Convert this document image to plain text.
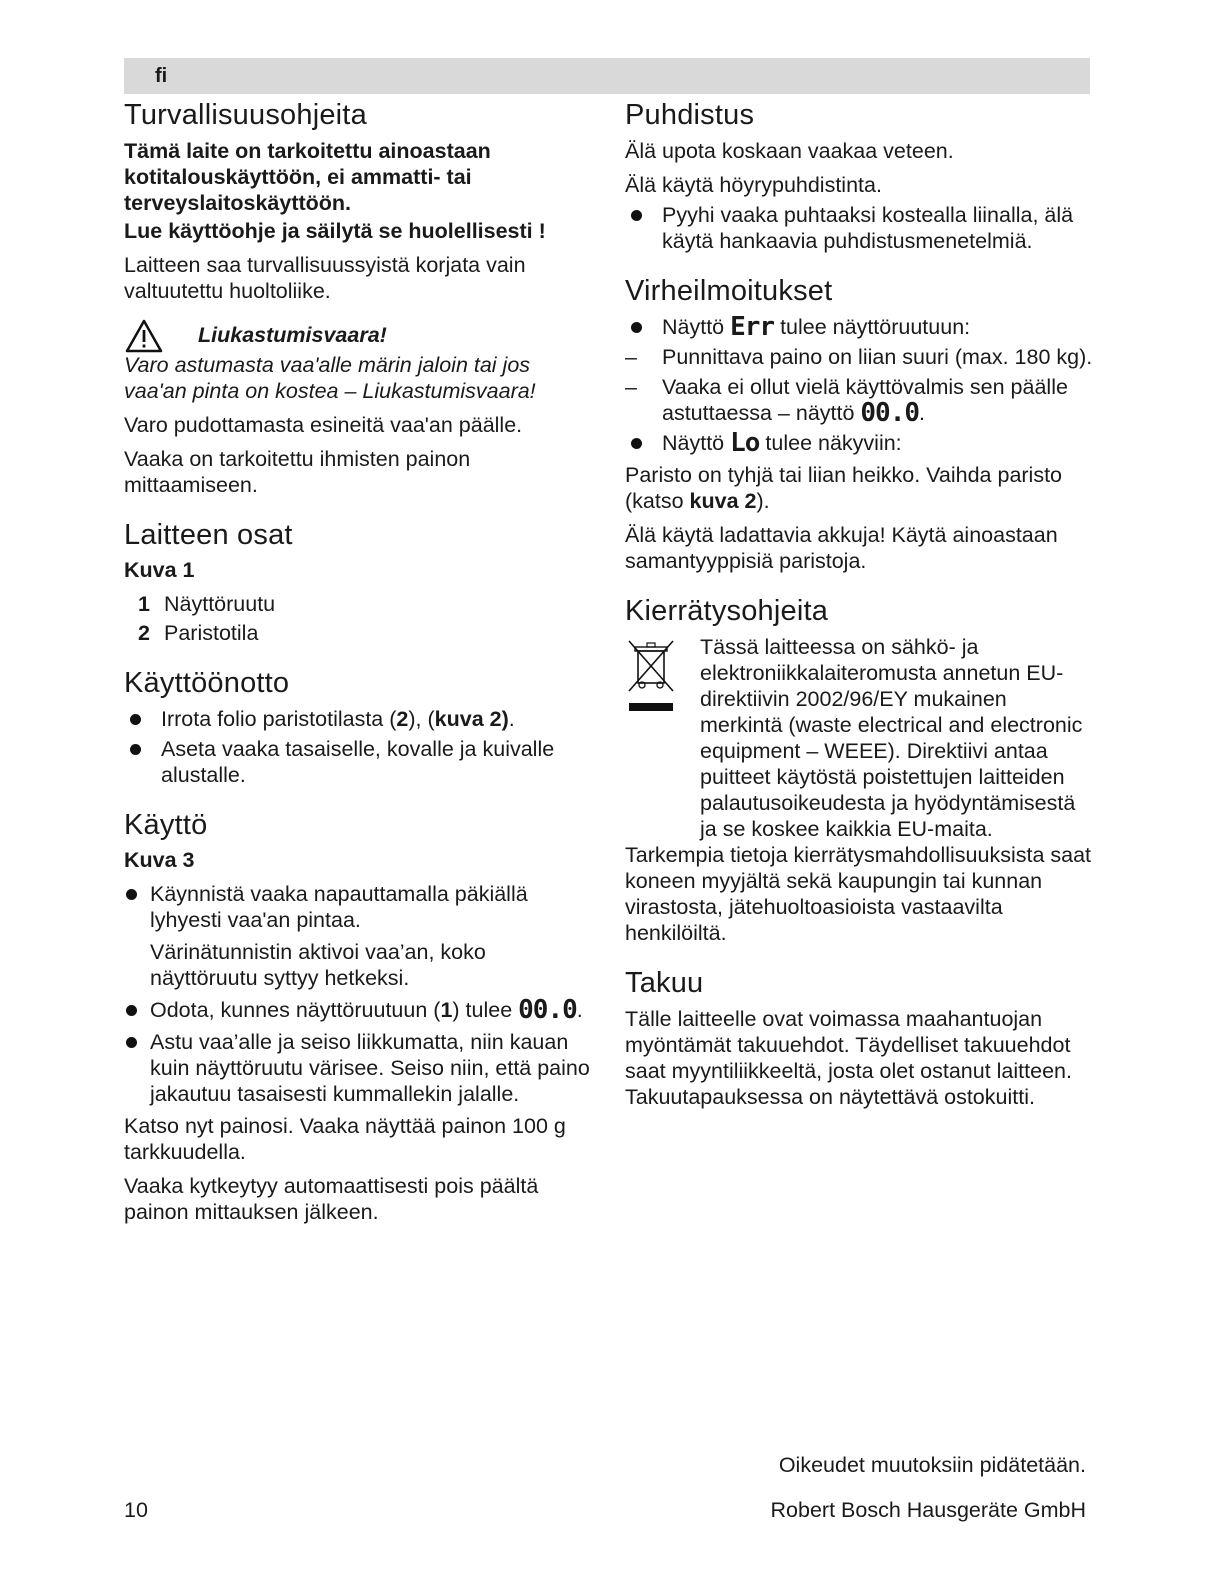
fi
Turvallisuusohjeita

Tämä laite on tarkoitettu ainoastaan kotitalouskäyttöön, ei ammatti- tai terveyslaitoskäyttöön.

Lue käyttöohje ja säilytä se huolellisesti !

Laitteen saa turvallisuussyistä korjata vain valtuutettu huoltoliike.

Liukastumisvaara!

Varo astumasta vaa'alle märin jaloin tai jos vaa'an pinta on kostea – Liukastumisvaara!

Varo pudottamasta esineitä vaa'an päälle.

Vaaka on tarkoitettu ihmisten painon mittaamiseen.

Laitteen osat
Kuva 1
1 Näyttöruutu
2 Paristotila
Käyttöönotto
Irrota folio paristotilasta (2), (kuva 2).
Aseta vaaka tasaiselle, kovalle ja kuivalle alustalle.
Käyttö
Kuva 3
Käynnistä vaaka napauttamalla päkiällä lyhyesti vaa'an pintaa.
Värinätunnistin aktivoi vaa’an, koko näyttöruutu syttyy hetkeksi.
Odota, kunnes näyttöruutuun (1) tulee 00.0.
Astu vaa’alle ja seiso liikkumatta, niin kauan kuin näyttöruutu värisee. Seiso niin, että paino jakautuu tasaisesti kummallekin jalalle.

Katso nyt painosi. Vaaka näyttää painon 100 g tarkkuudella.

Vaaka kytkeytyy automaattisesti pois päältä painon mittauksen jälkeen.

Puhdistus

Älä upota koskaan vaakaa veteen.

Älä käytä höyrypuhdistinta.

Pyyhi vaaka puhtaaksi kostealla liinalla, älä käytä hankaavia puhdistusmenetelmiä.
Virheilmoitukset
Näyttö Err tulee näyttöruutuun:
– Punnittava paino on liian suuri (max. 180 kg).
– Vaaka ei ollut vielä käyttövalmis sen päälle astuttaessa – näyttö 00.0.
Näyttö Lo tulee näkyviin:

Paristo on tyhjä tai liian heikko. Vaihda paristo (katso kuva 2).

Älä käytä ladattavia akkuja! Käytä ainoastaan samantyyppisiä paristoja.

Kierrätysohjeita

Tässä laitteessa on sähkö- ja elektroniikkalaiteromusta annetun EU-direktiivin 2002/96/EY mukainen merkintä (waste electrical and electronic equipment – WEEE). Direktiivi antaa puitteet käytöstä poistettujen laitteiden palautusoikeudesta ja hyödyntämisestä ja se koskee kaikkia EU-maita.

Tarkempia tietoja kierrätysmahdollisuuksista saat koneen myyjältä sekä kaupungin tai kunnan virastosta, jätehuoltoasioista vastaavilta henkilöiltä.

Takuu

Tälle laitteelle ovat voimassa maahantuojan myöntämät takuuehdot. Täydelliset takuuehdot saat myyntiliikkeeltä, josta olet ostanut laitteen. Takuutapauksessa on näytettävä ostokuitti.

Oikeudet muutoksiin pidätetään.
10	Robert Bosch Hausgeräte GmbH
